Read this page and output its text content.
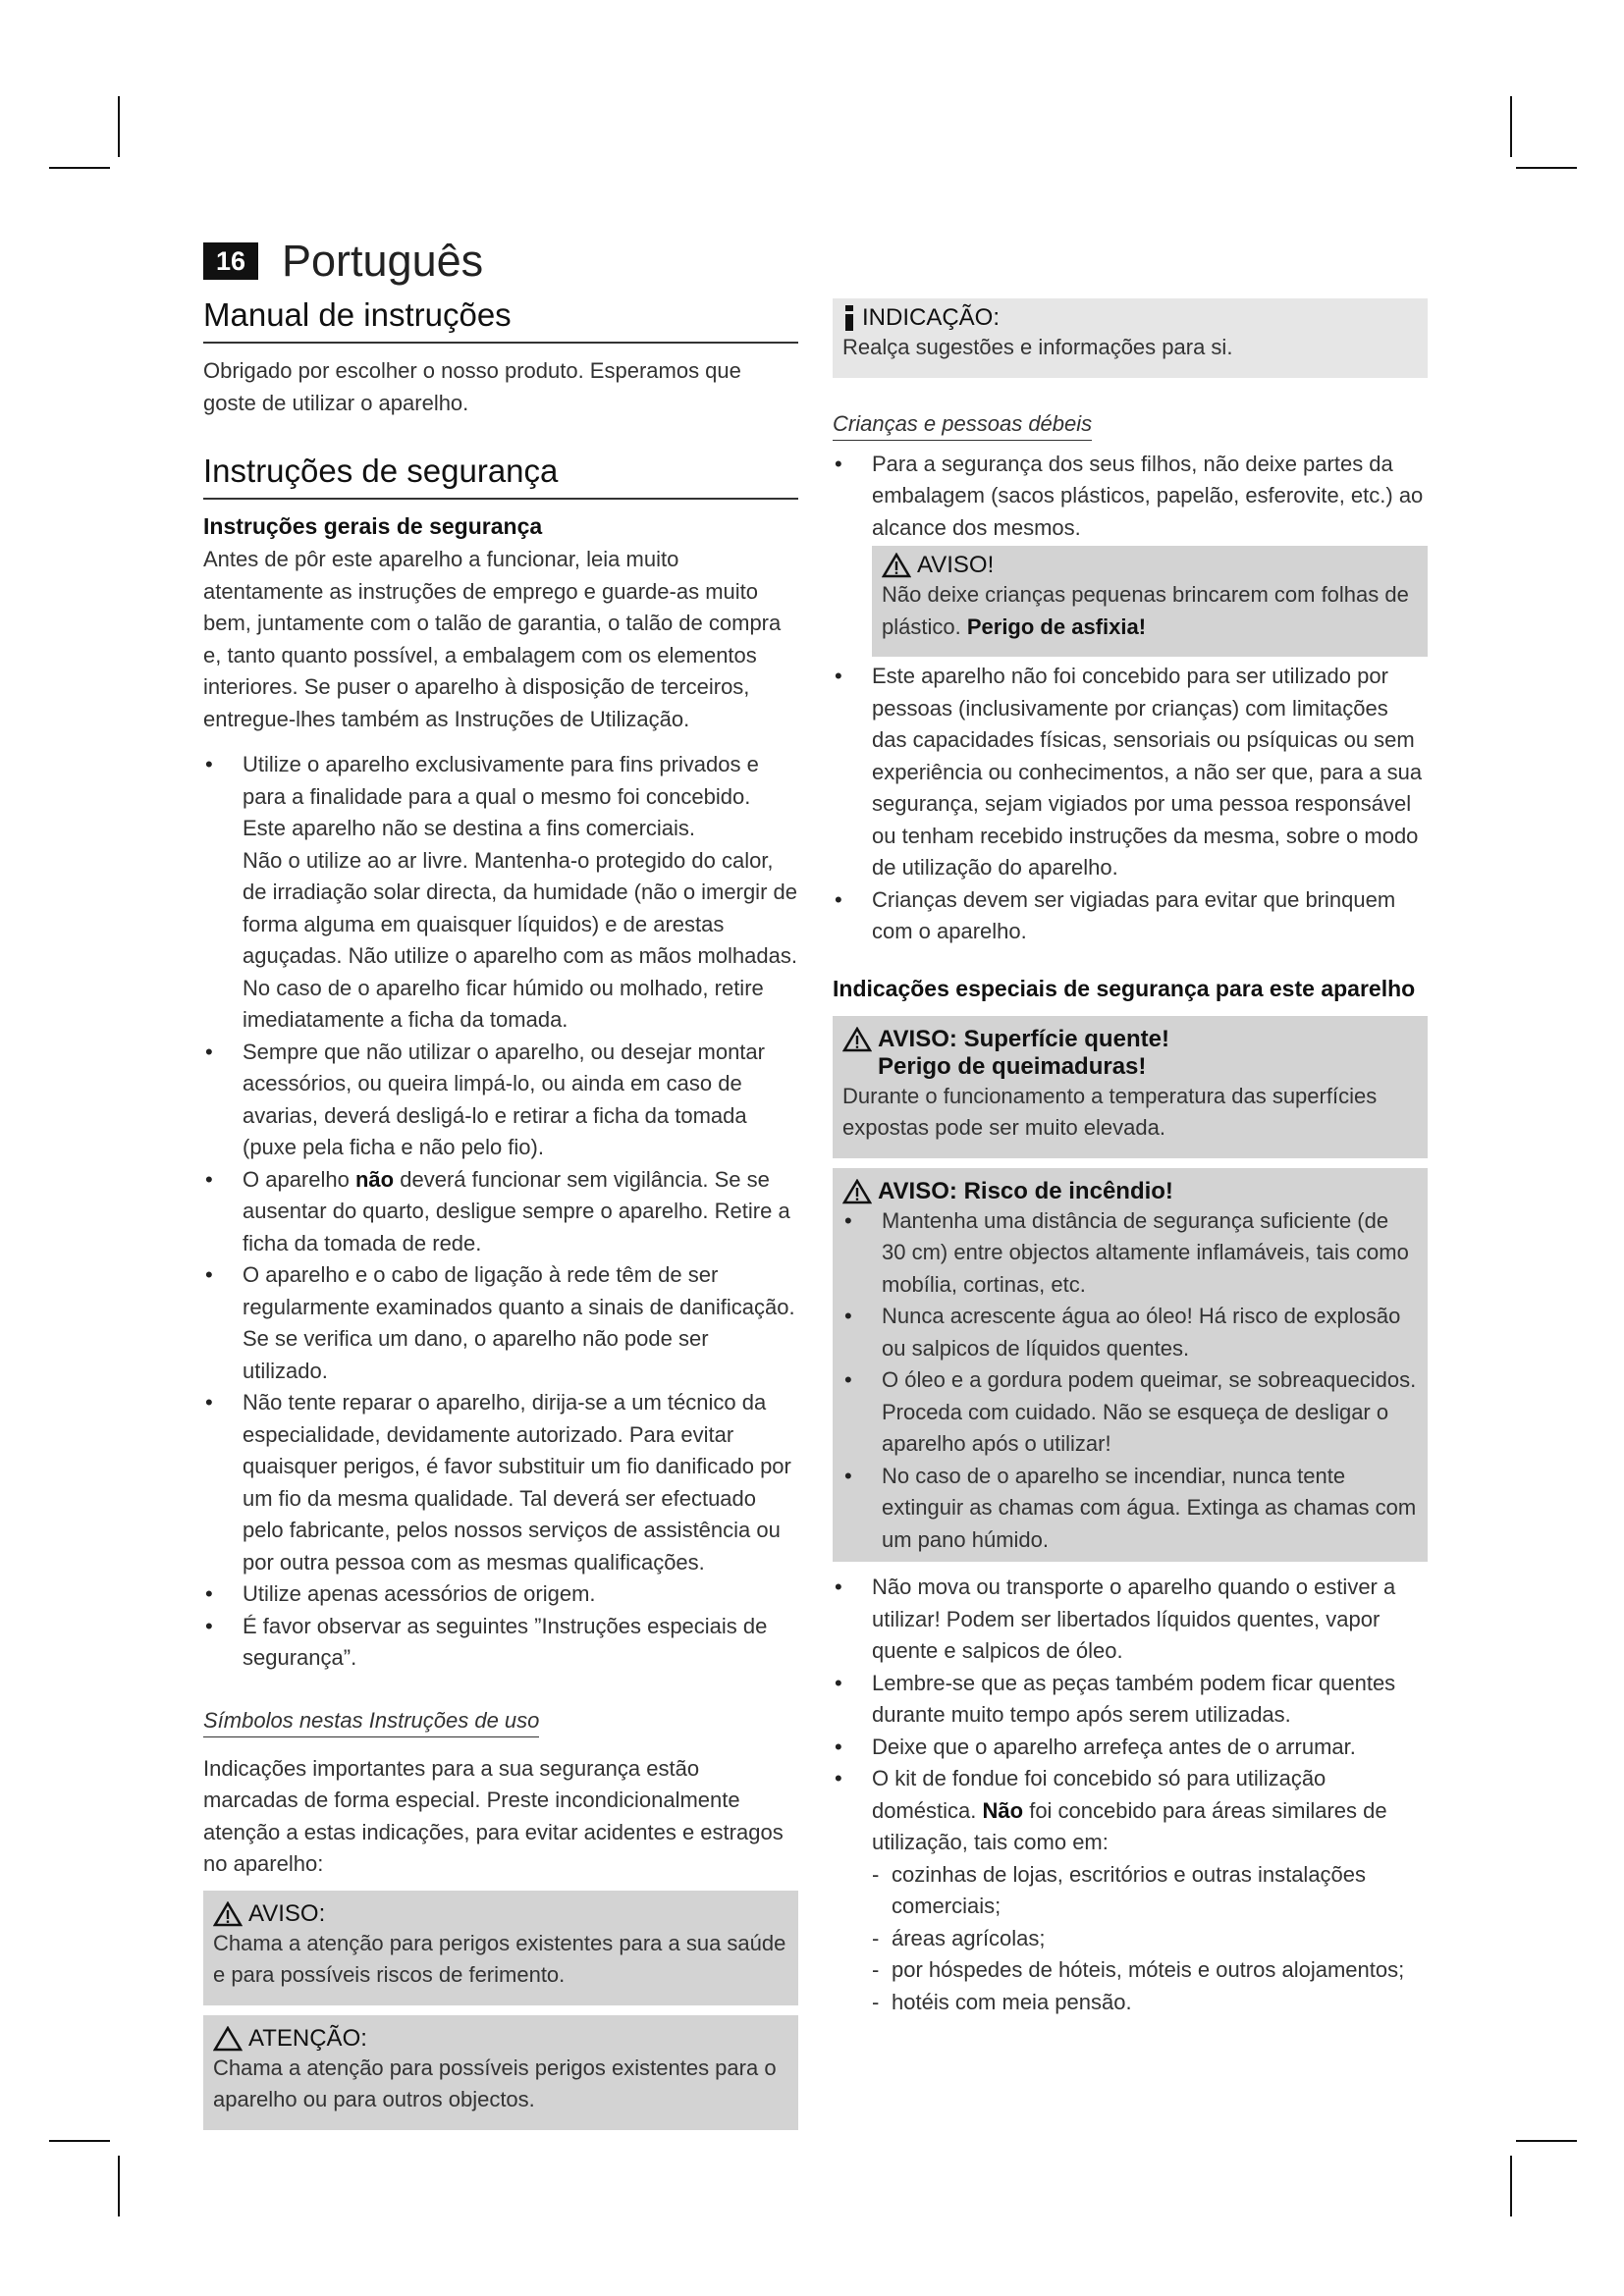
16 Português
Manual de instruções

Obrigado por escolher o nosso produto. Esperamos que goste de utilizar o aparelho.

Instruções de segurança
Instruções gerais de segurança

Antes de pôr este aparelho a funcionar, leia muito atentamente as instruções de emprego e guarde-as muito bem, juntamente com o talão de garantia, o talão de compra e, tanto quanto possível, a embalagem com os elementos interiores. Se puser o aparelho à disposição de terceiros, entregue-lhes também as Instruções de Utilização.

• Utilize o aparelho exclusivamente para fins privados e para a finalidade para a qual o mesmo foi concebido. Este aparelho não se destina a fins comerciais.
Não o utilize ao ar livre. Mantenha-o protegido do calor, de irradiação solar directa, da humidade (não o imergir de forma alguma em quaisquer líquidos) e de arestas aguçadas. Não utilize o aparelho com as mãos molhadas. No caso de o aparelho ficar húmido ou molhado, retire imediatamente a ficha da tomada.
• Sempre que não utilizar o aparelho, ou desejar montar acessórios, ou queira limpá-lo, ou ainda em caso de avarias, deverá desligá-lo e retirar a ficha da tomada (puxe pela ficha e não pelo fio).
• O aparelho não deverá funcionar sem vigilância. Se se ausentar do quarto, desligue sempre o aparelho. Retire a ficha da tomada de rede.
• O aparelho e o cabo de ligação à rede têm de ser regularmente examinados quanto a sinais de danificação. Se se verifica um dano, o aparelho não pode ser utilizado.
• Não tente reparar o aparelho, dirija-se a um técnico da especialidade, devidamente autorizado. Para evitar quaisquer perigos, é favor substituir um fio danificado por um fio da mesma qualidade. Tal deverá ser efectuado pelo fabricante, pelos nossos serviços de assistência ou por outra pessoa com as mesmas qualificações.
• Utilize apenas acessórios de origem.
• É favor observar as seguintes ”Instruções especiais de segurança”.
Símbolos nestas Instruções de uso

Indicações importantes para a sua segurança estão marcadas de forma especial. Preste incondicionalmente atenção a estas indicações, para evitar acidentes e estragos no aparelho:

AVISO:

Chama a atenção para perigos existentes para a sua saúde e para possíveis riscos de ferimento.

ATENÇÃO:

Chama a atenção para possíveis perigos existentes para o aparelho ou para outros objectos.

INDICAÇÃO:

Realça sugestões e informações para si.

Crianças e pessoas débeis
• Para a segurança dos seus filhos, não deixe partes da embalagem (sacos plásticos, papelão, esferovite, etc.) ao alcance dos mesmos.
AVISO!

Não deixe crianças pequenas brincarem com folhas de plástico. Perigo de asfixia!

• Este aparelho não foi concebido para ser utilizado por pessoas (inclusivamente por crianças) com limitações das capacidades físicas, sensoriais ou psíquicas ou sem experiência ou conhecimentos, a não ser que, para a sua segurança, sejam vigiados por uma pessoa responsável ou tenham recebido instruções da mesma, sobre o modo de utilização do aparelho.
• Crianças devem ser vigiadas para evitar que brinquem com o aparelho.
Indicações especiais de segurança para este aparelho
AVISO: Superfície quente!
Perigo de queimaduras!

Durante o funcionamento a temperatura das superfícies expostas pode ser muito elevada.

AVISO: Risco de incêndio!
• Mantenha uma distância de segurança suficiente (de 30 cm) entre objectos altamente inflamáveis, tais como mobília, cortinas, etc.
• Nunca acrescente água ao óleo! Há risco de explosão ou salpicos de líquidos quentes.
• O óleo e a gordura podem queimar, se sobreaquecidos. Proceda com cuidado. Não se esqueça de desligar o aparelho após o utilizar!
• No caso de o aparelho se incendiar, nunca tente extinguir as chamas com água. Extinga as chamas com um pano húmido.
• Não mova ou transporte o aparelho quando o estiver a utilizar! Podem ser libertados líquidos quentes, vapor quente e salpicos de óleo.
• Lembre-se que as peças também podem ficar quentes durante muito tempo após serem utilizadas.
• Deixe que o aparelho arrefeça antes de o arrumar.
• O kit de fondue foi concebido só para utilização doméstica. Não foi concebido para áreas similares de utilização, tais como em:
- cozinhas de lojas, escritórios e outras instalações comerciais;
- áreas agrícolas;
- por hóspedes de hóteis, móteis e outros alojamentos;
- hotéis com meia pensão.
